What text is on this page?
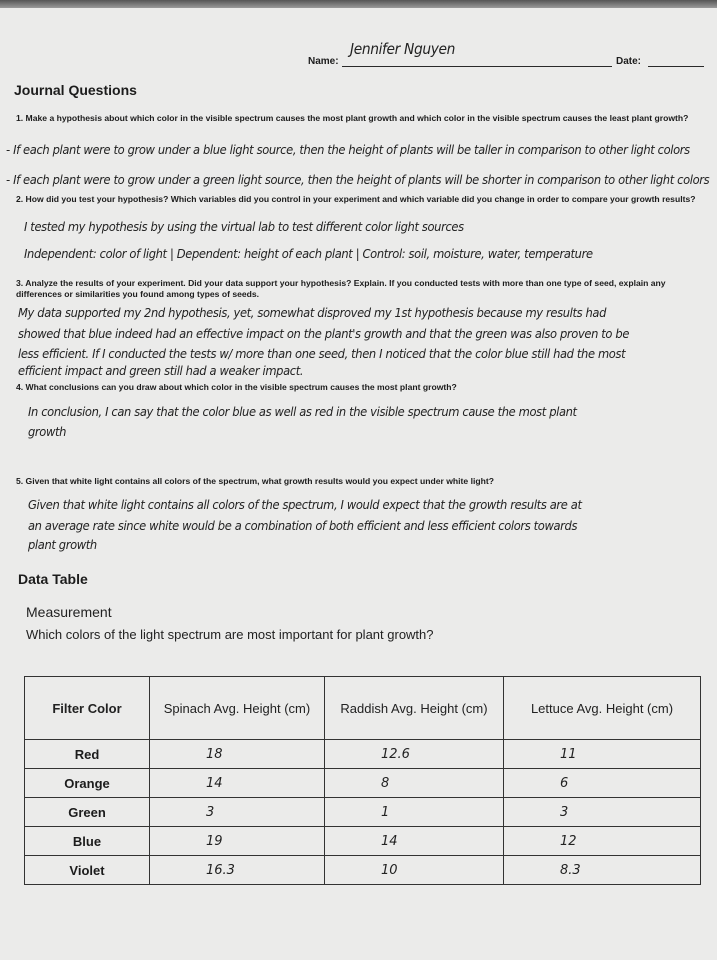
Name:
Jennifer Nguyen
Date:
Journal Questions
1. Make a hypothesis about which color in the visible spectrum causes the most plant growth and which color in the visible spectrum causes the least plant growth?
- If each plant were to grow under a blue light source, then the height of plants will be taller in comparison to other light colors
- If each plant were to grow under a green light source, then the height of plants will be shorter in comparison to other light colors
2. How did you test your hypothesis? Which variables did you control in your experiment and which variable did you change in order to compare your growth results?
I tested my hypothesis by using the virtual lab to test different color light sources
Independent: color of light | Dependent: height of each plant | Control: soil, moisture, water, temperature
3. Analyze the results of your experiment. Did your data support your hypothesis? Explain. If you conducted tests with more than one type of seed, explain any differences or similarities you found among types of seeds.
My data supported my 2nd hypothesis, yet, somewhat disproved my 1st hypothesis because my results had
showed that blue indeed had an effective impact on the plant's growth and that the green was also proven to be
less efficient. If I conducted the tests w/ more than one seed, then I noticed that the color blue still had the most
efficient impact and green still had a weaker impact.
4. What conclusions can you draw about which color in the visible spectrum causes the most plant growth?
In conclusion, I can say that the color blue as well as red in the visible spectrum cause the most plant
growth
5. Given that white light contains all colors of the spectrum, what growth results would you expect under white light?
Given that white light contains all colors of the spectrum, I would expect that the growth results are at
an average rate since white would be a combination of both efficient and less efficient colors towards
plant growth
Data Table
Measurement
Which colors of the light spectrum are most important for plant growth?
Filter Color	Spinach Avg. Height (cm)	Raddish Avg. Height (cm)	Lettuce Avg. Height (cm)
Red	18	12.6	11
Orange	14	8	6
Green	3	1	3
Blue	19	14	12
Violet	16.3	10	8.3
